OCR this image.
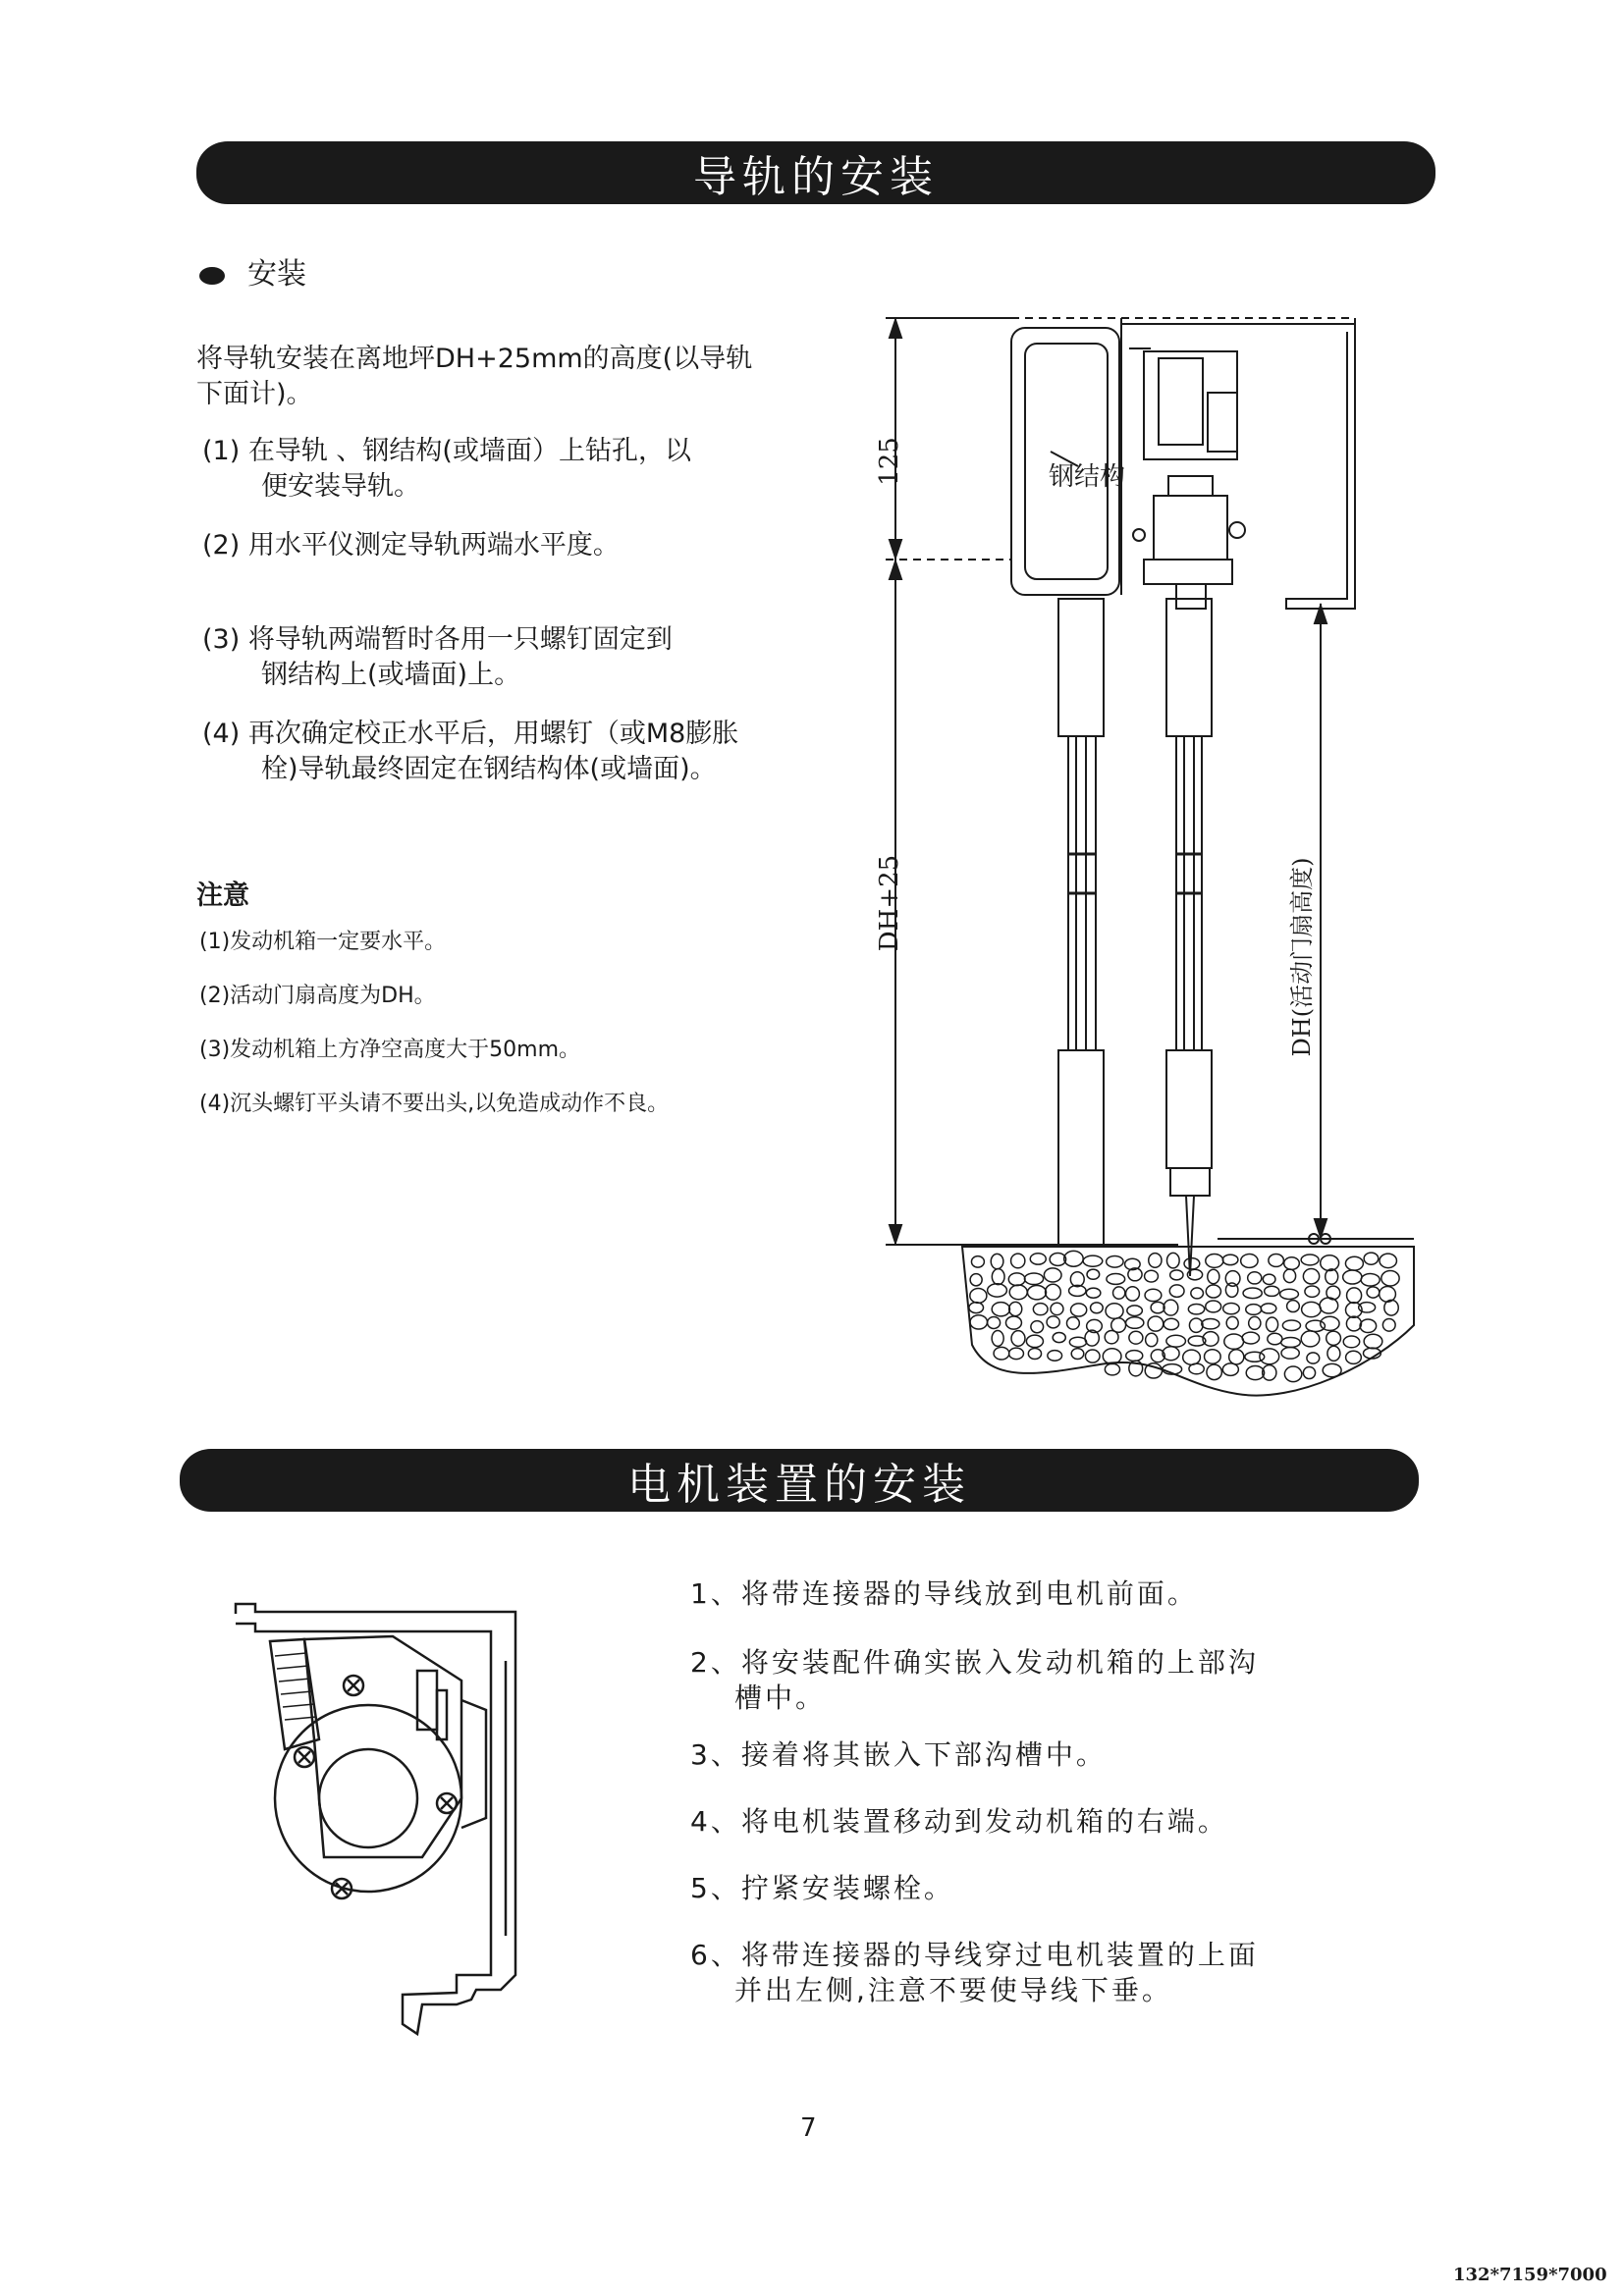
导轨的安装
安装
将导轨安装在离地坪DH+25mm的高度(以导轨
下面计)。
(1) 在导轨 、钢结构(或墙面）上钻孔，以
便安装导轨。
(2) 用水平仪测定导轨两端水平度。
(3) 将导轨两端暂时各用一只螺钉固定到
钢结构上(或墙面)上。
(4) 再次确定校正水平后，用螺钉（或M8膨胀
栓)导轨最终固定在钢结构体(或墙面)。
注意
(1)发动机箱一定要水平。
(2)活动门扇高度为DH。
(3)发动机箱上方净空高度大于50mm。
(4)沉头螺钉平头请不要出头,以免造成动作不良。
125
DH+25	DH(活动门扇高度)
钢结构
电机装置的安装
1、将带连接器的导线放到电机前面。
2、将安装配件确实嵌入发动机箱的上部沟
槽中。
3、接着将其嵌入下部沟槽中。
4、将电机装置移动到发动机箱的右端。
5、拧紧安装螺栓。
6、将带连接器的导线穿过电机装置的上面
并出左侧,注意不要使导线下垂。
7
132*7159*7000
